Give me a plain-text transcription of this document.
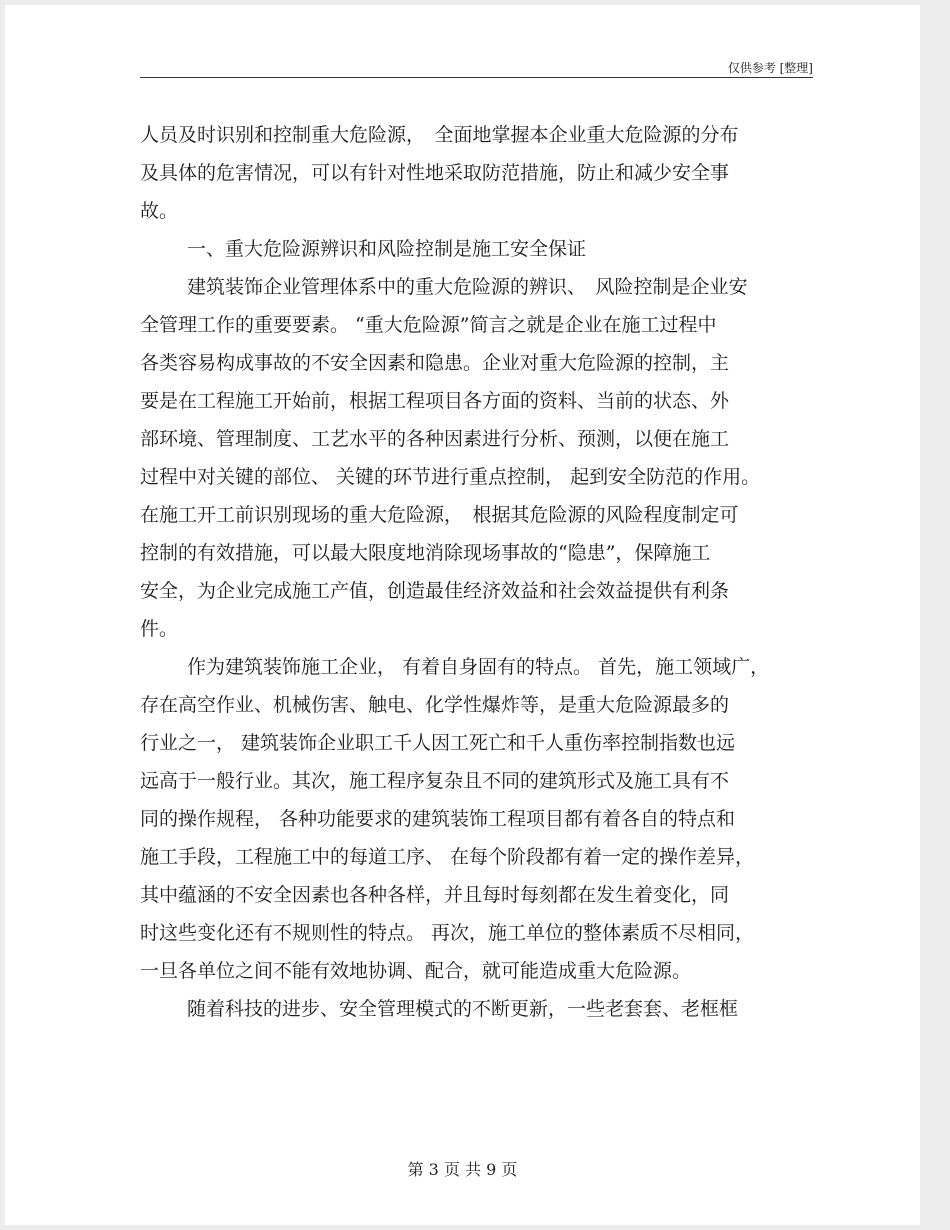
仅供参考 [整理]
人员及时识别和控制重大危险源，　全面地掌握本企业重大危险源的分布
及具体的危害情况，可以有针对性地采取防范措施，防止和减少安全事
故。
一、重大危险源辨识和风险控制是施工安全保证
建筑装饰企业管理体系中的重大危险源的辨识、　风险控制是企业安
全管理工作的重要要素。 “重大危险源”简言之就是企业在施工过程中
各类容易构成事故的不安全因素和隐患。企业对重大危险源的控制，主
要是在工程施工开始前，根据工程项目各方面的资料、当前的状态、外
部环境、管理制度、工艺水平的各种因素进行分析、预测，以便在施工
过程中对关键的部位、 关键的环节进行重点控制， 起到安全防范的作用。
在施工开工前识别现场的重大危险源，　根据其危险源的风险程度制定可
控制的有效措施，可以最大限度地消除现场事故的“隐患”，保障施工
安全，为企业完成施工产值，创造最佳经济效益和社会效益提供有利条
件。
作为建筑装饰施工企业， 有着自身固有的特点。 首先，施工领域广，
存在高空作业、机械伤害、触电、化学性爆炸等，是重大危险源最多的
行业之一， 建筑装饰企业职工千人因工死亡和千人重伤率控制指数也远
远高于一般行业。其次，施工程序复杂且不同的建筑形式及施工具有不
同的操作规程， 各种功能要求的建筑装饰工程项目都有着各自的特点和
施工手段，工程施工中的每道工序、 在每个阶段都有着一定的操作差异，
其中蕴涵的不安全因素也各种各样，并且每时每刻都在发生着变化，同
时这些变化还有不规则性的特点。 再次，施工单位的整体素质不尽相同，
一旦各单位之间不能有效地协调、配合，就可能造成重大危险源。
随着科技的进步、安全管理模式的不断更新，一些老套套、老框框
第 3 页 共 9 页
